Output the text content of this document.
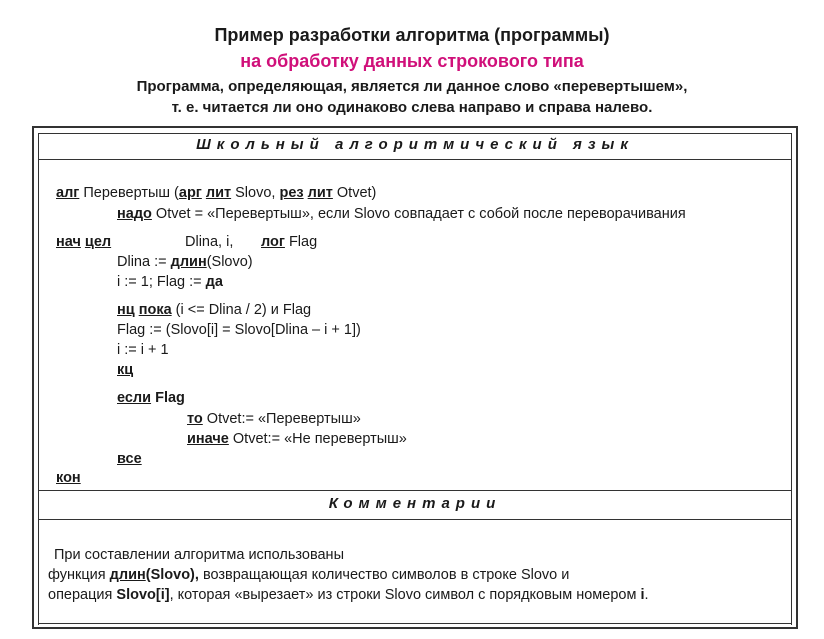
Пример разработки алгоритма (программы)
на обработку данных строкового типа
Программа, определяющая, является ли данное слово «перевертышем»,
т. е. читается ли оно одинаково слева направо и справа налево.
Школьный алгоритмический язык
алг Перевертыш (арг лит Slovo, рез лит Otvet)
надо Otvet = «Перевертыш», если Slovo совпадает с собой после переворачивания
нач цел	Dlina, i, лог Flag
Dlina := длин(Slovo)
i := 1; Flag := да
нц пока (i <= Dlina / 2) и Flag
Flag := (Slovo[i] = Slovo[Dlina – i + 1])
i := i + 1
кц
если Flag
то Otvet:= «Перевертыш»
иначе Otvet:= «Не перевертыш»
все
кон
Комментарии
При составлении алгоритма использованы
функция длин(Slovo), возвращающая количество символов в строке Slovo и
операция Slovo[i], которая «вырезает» из строки Slovo символ с порядковым номером i.
